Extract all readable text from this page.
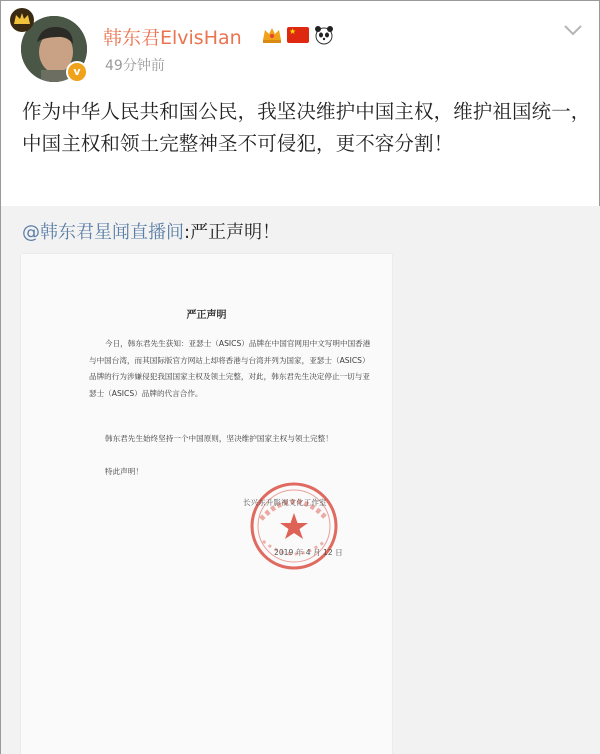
v
韩东君ElvisHan	★
49分钟前
作为中华人民共和国公民，我坚决维护中国主权，维护祖国统一，中国主权和领土完整神圣不可侵犯，更不容分割！
@韩东君星闻直播间:严正声明！
严正声明
今日，韩东君先生获知：亚瑟士（ASICS）品牌在中国官网用中文写明中国香港与中国台湾，而其国际版官方网站上却将香港与台湾并列为国家，亚瑟士（ASICS）品牌的行为涉嫌侵犯我国国家主权及领土完整，对此，韩东君先生决定停止一切与亚瑟士（ASICS）品牌的代言合作。
韩东君先生始终坚持一个中国原则，坚决维护国家主权与领土完整！
特此声明！
长兴东升影视文化工作室
2019 年 4 月 12 日
